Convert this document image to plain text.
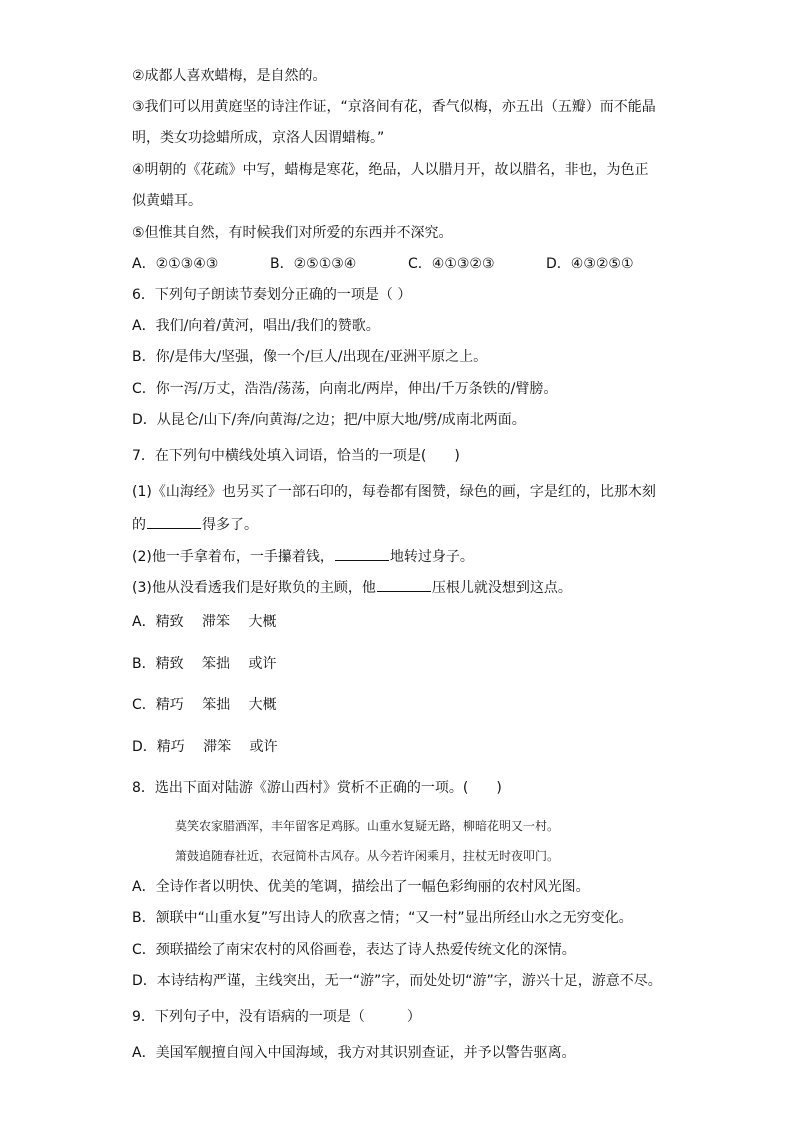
②成都人喜欢蜡梅，是自然的。
③我们可以用黄庭坚的诗注作证，“京洛间有花，香气似梅，亦五出（五瓣）而不能晶
明，类女功捻蜡所成，京洛人因谓蜡梅。”
④明朝的《花疏》中写，蜡梅是寒花，绝品，人以腊月开，故以腊名，非也，为色正
似黄蜡耳。
⑤但惟其自然，有时候我们对所爱的东西并不深究。
A．②①③④③	B．②⑤①③④	C．④①③②③	D．④③②⑤①
6．下列句子朗读节奏划分正确的一项是（ ）
A．我们/向着/黄河，唱出/我们的赞歌。
B．你/是伟大/坚强，像一个/巨人/出现在/亚洲平原之上。
C．你一泻/万丈，浩浩/荡荡，向南北/两岸，伸出/千万条铁的/臂膀。
D．从昆仑/山下/奔/向黄海/之边；把/中原大地/劈/成南北两面。
7．在下列句中横线处填入词语，恰当的一项是(　　)
(1)《山海经》也另买了一部石印的，每卷都有图赞，绿色的画，字是红的，比那木刻
的	得多了。
(2)他一手拿着布，一手攥着钱，	地转过身子。
(3)他从没看透我们是好欺负的主顾，他	压根儿就没想到这点。
A．精致　 滞笨　 大概
B．精致　 笨拙　 或许
C．精巧　 笨拙　 大概
D．精巧　 滞笨　 或许
8．选出下面对陆游《游山西村》赏析不正确的一项。(　　)
莫笑农家腊酒浑，丰年留客足鸡豚。山重水复疑无路，柳暗花明又一村。
箫鼓追随春社近，衣冠简朴古风存。从今若许闲乘月，拄杖无时夜叩门。
A．全诗作者以明快、优美的笔调，描绘出了一幅色彩绚丽的农村风光图。
B．颔联中“山重水复”写出诗人的欣喜之情；“又一村”显出所经山水之无穷变化。
C．颈联描绘了南宋农村的风俗画卷，表达了诗人热爱传统文化的深情。
D．本诗结构严谨，主线突出，无一“游”字，而处处切“游”字，游兴十足，游意不尽。
9．下列句子中，没有语病的一项是（　　　）
A．美国军舰擅自闯入中国海域，我方对其识别查证，并予以警告驱离。
